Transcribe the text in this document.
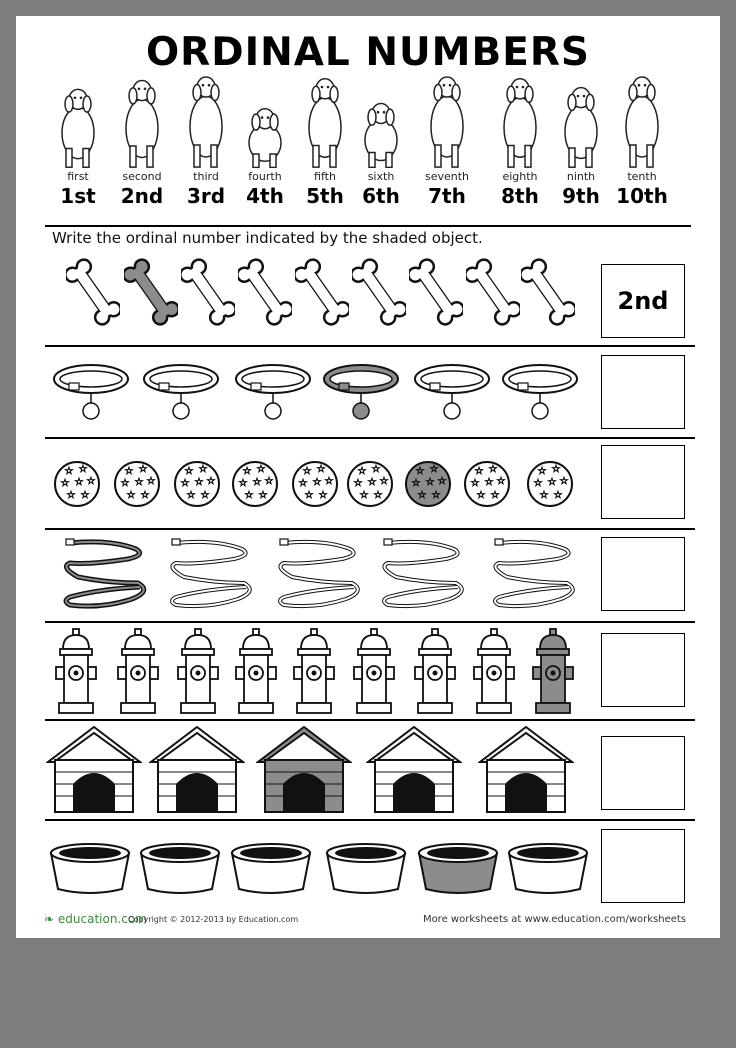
ORDINAL NUMBERS
first
1st
second
2nd
third
3rd
fourth
4th
fifth
5th
sixth
6th
seventh
7th
eighth
8th
ninth
9th
tenth
10th
Write the ordinal number indicated by the shaded object.
2nd
☆ ☆
☆ ☆ ☆
☆ ☆
☆ ☆
☆ ☆ ☆
☆ ☆
☆ ☆
☆ ☆ ☆
☆ ☆
☆ ☆
☆ ☆ ☆
☆ ☆
☆ ☆
☆ ☆ ☆
☆ ☆
☆ ☆
☆ ☆ ☆
☆ ☆
☆ ☆
☆ ☆ ☆
☆ ☆
☆ ☆
☆ ☆ ☆
☆ ☆
☆ ☆
☆ ☆ ☆
☆ ☆
❧ education.com
Copyright © 2012-2013 by Education.com	More worksheets at www.education.com/worksheets
